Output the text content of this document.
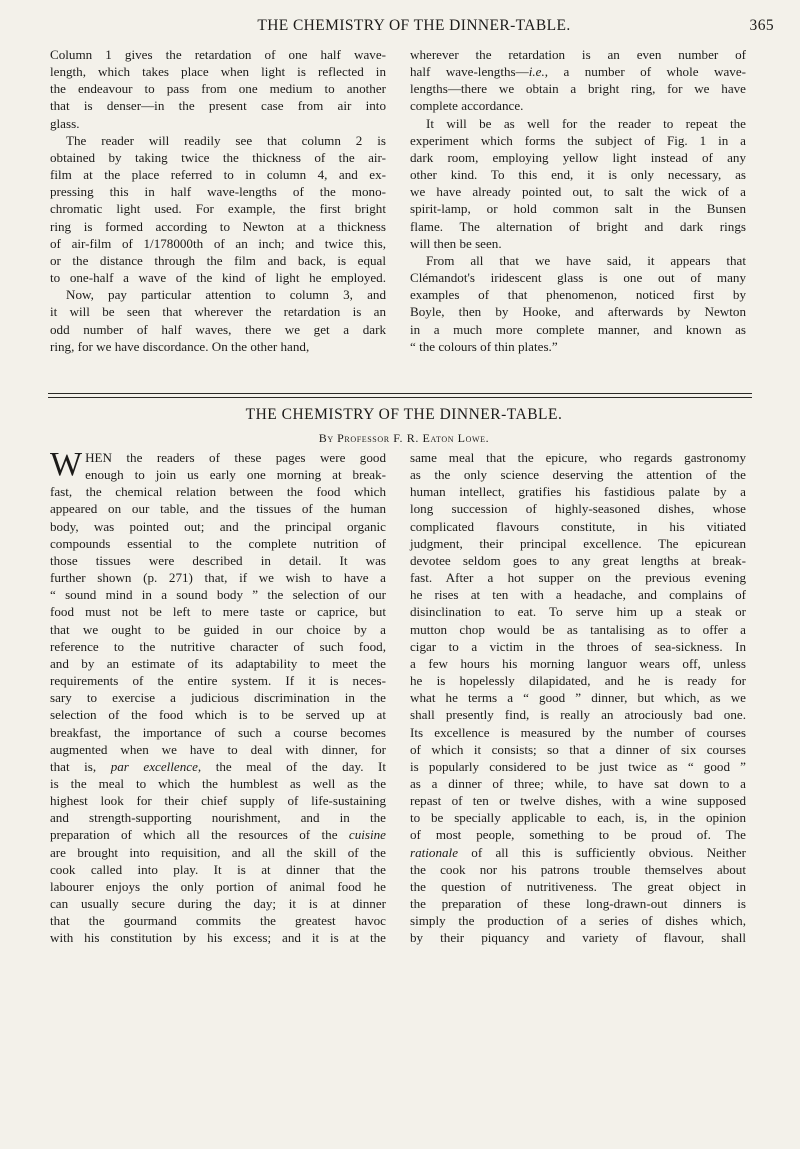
THE CHEMISTRY OF THE DINNER-TABLE.	365
Column 1 gives the retardation of one half wave-
length, which takes place when light is reflected in
the endeavour to pass from one medium to another
that is denser—in the present case from air into
glass.
The reader will readily see that column 2 is
obtained by taking twice the thickness of the air-
film at the place referred to in column 4, and ex-
pressing this in half wave-lengths of the mono-
chromatic light used. For example, the first bright
ring is formed according to Newton at a thickness
of air-film of 1/178000th of an inch; and twice this,
or the distance through the film and back, is equal
to one-half a wave of the kind of light he employed.
Now, pay particular attention to column 3, and
it will be seen that wherever the retardation is an
odd number of half waves, there we get a dark
ring, for we have discordance. On the other hand,
wherever the retardation is an even number of
half wave-lengths—i.e., a number of whole wave-
lengths—there we obtain a bright ring, for we have
complete accordance.
It will be as well for the reader to repeat the
experiment which forms the subject of Fig. 1 in a
dark room, employing yellow light instead of any
other kind. To this end, it is only necessary, as
we have already pointed out, to salt the wick of a
spirit-lamp, or hold common salt in the Bunsen
flame. The alternation of bright and dark rings
will then be seen.
From all that we have said, it appears that
Clémandot's iridescent glass is one out of many
examples of that phenomenon, noticed first by
Boyle, then by Hooke, and afterwards by Newton
in a much more complete manner, and known as
“ the colours of thin plates.”
THE CHEMISTRY OF THE DINNER-TABLE.
By Professor F. R. Eaton Lowe.
W HEN the readers of these pages were good
enough to join us early one morning at break-
fast, the chemical relation between the food which
appeared on our table, and the tissues of the human
body, was pointed out; and the principal organic
compounds essential to the complete nutrition of
those tissues were described in detail. It was
further shown (p. 271) that, if we wish to have a
“ sound mind in a sound body ” the selection of our
food must not be left to mere taste or caprice, but
that we ought to be guided in our choice by a
reference to the nutritive character of such food,
and by an estimate of its adaptability to meet the
requirements of the entire system. If it is neces-
sary to exercise a judicious discrimination in the
selection of the food which is to be served up at
breakfast, the importance of such a course becomes
augmented when we have to deal with dinner, for
that is, par excellence, the meal of the day. It
is the meal to which the humblest as well as the
highest look for their chief supply of life-sustaining
and strength-supporting nourishment, and in the
preparation of which all the resources of the cuisine
are brought into requisition, and all the skill of the
cook called into play. It is at dinner that the
labourer enjoys the only portion of animal food he
can usually secure during the day; it is at dinner
that the gourmand commits the greatest havoc
with his constitution by his excess; and it is at the
same meal that the epicure, who regards gastronomy
as the only science deserving the attention of the
human intellect, gratifies his fastidious palate by a
long succession of highly-seasoned dishes, whose
complicated flavours constitute, in his vitiated
judgment, their principal excellence. The epicurean
devotee seldom goes to any great lengths at break-
fast. After a hot supper on the previous evening
he rises at ten with a headache, and complains of
disinclination to eat. To serve him up a steak or
mutton chop would be as tantalising as to offer a
cigar to a victim in the throes of sea-sickness. In
a few hours his morning languor wears off, unless
he is hopelessly dilapidated, and he is ready for
what he terms a “ good ” dinner, but which, as we
shall presently find, is really an atrociously bad one.
Its excellence is measured by the number of courses
of which it consists; so that a dinner of six courses
is popularly considered to be just twice as “ good ”
as a dinner of three; while, to have sat down to a
repast of ten or twelve dishes, with a wine supposed
to be specially applicable to each, is, in the opinion
of most people, something to be proud of. The
rationale of all this is sufficiently obvious. Neither
the cook nor his patrons trouble themselves about
the question of nutritiveness. The great object in
the preparation of these long-drawn-out dinners is
simply the production of a series of dishes which,
by their piquancy and variety of flavour, shall
